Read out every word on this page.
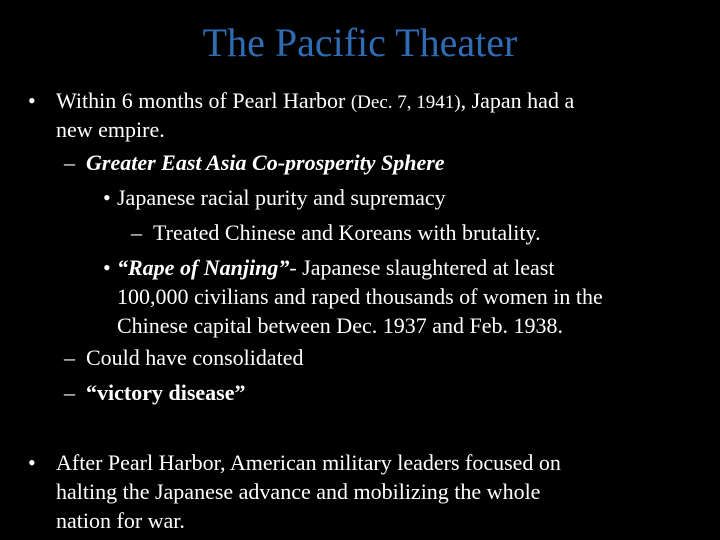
The Pacific Theater
• Within 6 months of Pearl Harbor (Dec. 7, 1941), Japan had a
new empire.
– Greater East Asia Co-prosperity Sphere
• Japanese racial purity and supremacy
– Treated Chinese and Koreans with brutality.
• “Rape of Nanjing”- Japanese slaughtered at least
100,000 civilians and raped thousands of women in the
Chinese capital between Dec. 1937 and Feb. 1938.
– Could have consolidated
– “victory disease”
• After Pearl Harbor, American military leaders focused on
halting the Japanese advance and mobilizing the whole
nation for war.
